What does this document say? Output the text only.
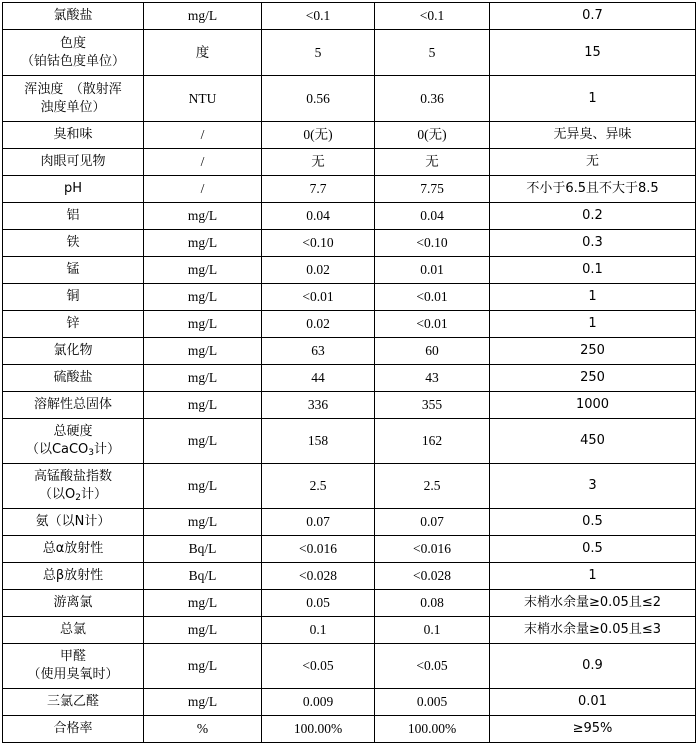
氯酸盐	mg/L	<0.1	<0.1	0.7
色度
（铂钴色度单位）	度	5	5	15
浑浊度　（散射浑
浊度单位）	NTU	0.56	0.36	1
臭和味	/	0(无)	0(无)	无异臭、异味
肉眼可见物	/	无	无	无
pH	/	7.7	7.75	不小于6.5且不大于8.5
铝	mg/L	0.04	0.04	0.2
铁	mg/L	<0.10	<0.10	0.3
锰	mg/L	0.02	0.01	0.1
铜	mg/L	<0.01	<0.01	1
锌	mg/L	0.02	<0.01	1
氯化物	mg/L	63	60	250
硫酸盐	mg/L	44	43	250
溶解性总固体	mg/L	336	355	1000
总硬度
（以CaCO$_3$计）	mg/L	158	162	450
高锰酸盐指数
（以$O_2$计）	mg/L	2.5	2.5	3
氨（以N计）	mg/L	0.07	0.07	0.5
总α放射性	Bq/L	<0.016	<0.016	0.5
总β放射性	Bq/L	<0.028	<0.028	1
游离氯	mg/L	0.05	0.08	末梢水余量≥0.05且≤2
总氯	mg/L	0.1	0.1	末梢水余量≥0.05且≤3
甲醛
（使用臭氧时）	mg/L	<0.05	<0.05	0.9
三氯乙醛	mg/L	0.009	0.005	0.01
合格率	%	100.00%	100.00%	≥95%
